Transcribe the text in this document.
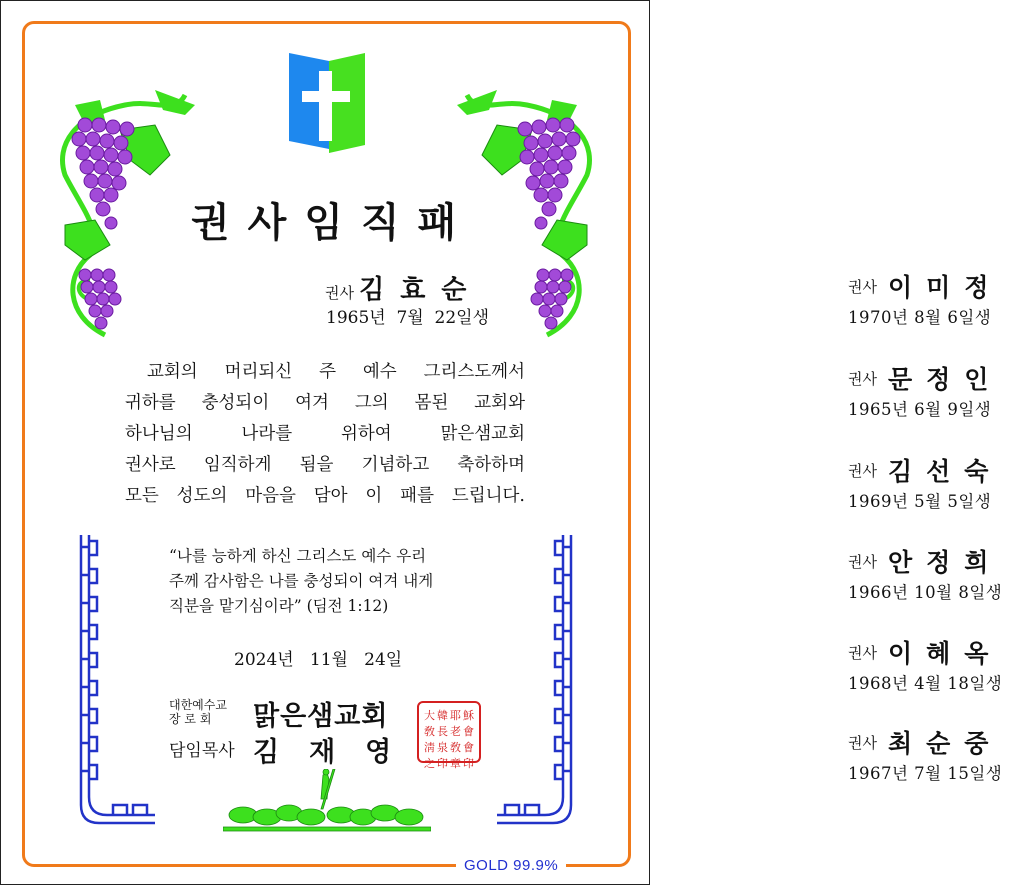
GOLD 99.9%
권사임직패
권사 김효순
1965년  7월  22일생
교회의 머리되신 주 예수 그리스도께서
귀하를 충성되이 여겨 그의 몸된 교회와
하나님의 나라를 위하여 맑은샘교회
권사로 임직하게 됨을 기념하고 축하하며
모든 성도의 마음을 담아 이 패를 드립니다.
“나를 능하게 하신 그리스도 예수 우리
주께 감사함은 나를 충성되이 여겨 내게
직분을 맡기심이라” (딤전 1:12)
2024년   11월   24일
대한예수교
장 로 회	맑은샘교회
담임목사 김재영
大 韓 耶 穌
敎 長 老 會
淸 泉 敎 會
之 印 章 印
권사 이미정
1970년 8월 6일생
권사 문정인
1965년 6월 9일생
권사 김선숙
1969년 5월 5일생
권사 안정희
1966년 10월 8일생
권사 이혜옥
1968년 4월 18일생
권사 최순중
1967년 7월 15일생
